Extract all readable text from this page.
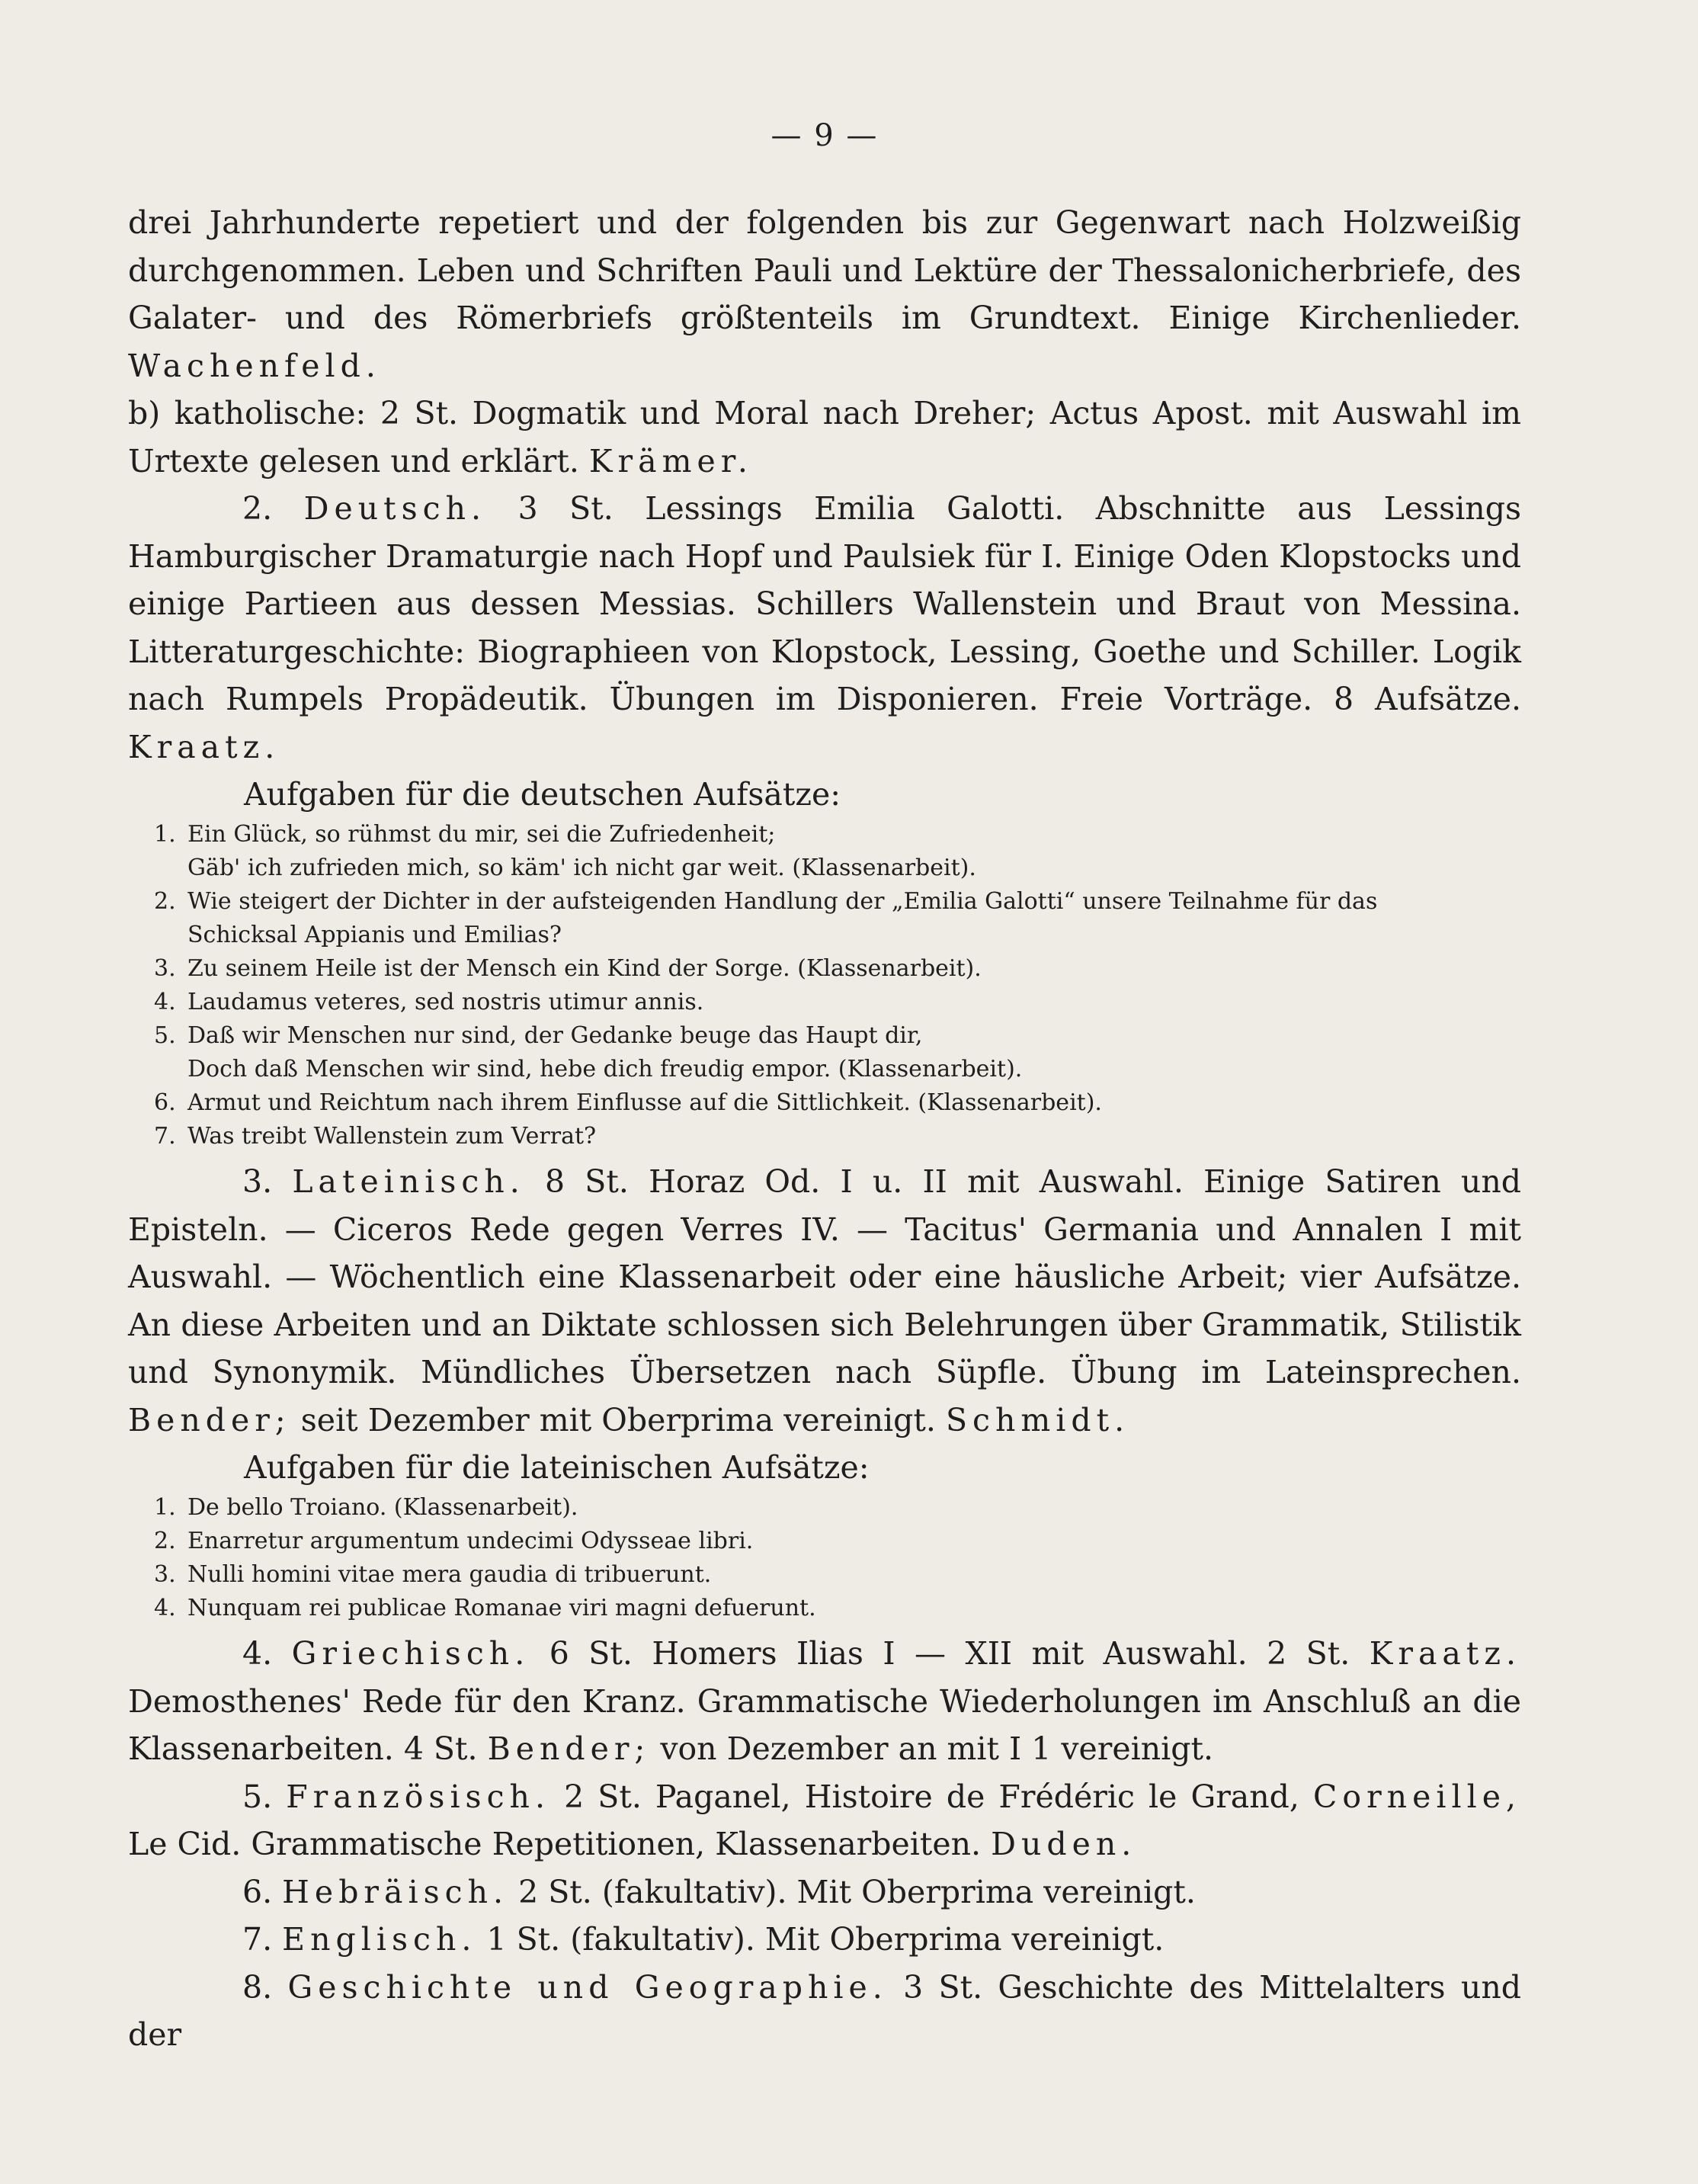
— 9 —

drei Jahrhunderte repetiert und der folgenden bis zur Gegenwart nach Holzweißig durchgenommen. Leben und Schriften Pauli und Lektüre der Thessalonicherbriefe, des Galater- und des Römerbriefs größtenteils im Grundtext. Einige Kirchenlieder. Wachenfeld.

b) katholische: 2 St. Dogmatik und Moral nach Dreher; Actus Apost. mit Auswahl im Urtexte gelesen und erklärt. Krämer.

2. Deutsch. 3 St. Lessings Emilia Galotti. Abschnitte aus Lessings Hamburgischer Dramaturgie nach Hopf und Paulsiek für I. Einige Oden Klopstocks und einige Partieen aus dessen Messias. Schillers Wallenstein und Braut von Messina. Litteraturgeschichte: Biographieen von Klopstock, Lessing, Goethe und Schiller. Logik nach Rumpels Propädeutik. Übungen im Disponieren. Freie Vorträge. 8 Aufsätze. Kraatz.

Aufgaben für die deutschen Aufsätze:

1. Ein Glück, so rühmst du mir, sei die Zufriedenheit;
Gäb' ich zufrieden mich, so käm' ich nicht gar weit. (Klassenarbeit).
2. Wie steigert der Dichter in der aufsteigenden Handlung der „Emilia Galotti“ unsere Teilnahme für das
Schicksal Appianis und Emilias?
3. Zu seinem Heile ist der Mensch ein Kind der Sorge. (Klassenarbeit).
4. Laudamus veteres, sed nostris utimur annis.
5. Daß wir Menschen nur sind, der Gedanke beuge das Haupt dir,
Doch daß Menschen wir sind, hebe dich freudig empor. (Klassenarbeit).
6. Armut und Reichtum nach ihrem Einflusse auf die Sittlichkeit. (Klassenarbeit).
7. Was treibt Wallenstein zum Verrat?

3. Lateinisch. 8 St. Horaz Od. I u. II mit Auswahl. Einige Satiren und Episteln. — Ciceros Rede gegen Verres IV. — Tacitus' Germania und Annalen I mit Auswahl. — Wöchentlich eine Klassenarbeit oder eine häusliche Arbeit; vier Aufsätze. An diese Arbeiten und an Diktate schlossen sich Belehrungen über Grammatik, Stilistik und Synonymik. Mündliches Übersetzen nach Süpfle. Übung im Lateinsprechen. Bender; seit Dezember mit Oberprima vereinigt. Schmidt.

Aufgaben für die lateinischen Aufsätze:

1. De bello Troiano. (Klassenarbeit).
2. Enarretur argumentum undecimi Odysseae libri.
3. Nulli homini vitae mera gaudia di tribuerunt.
4. Nunquam rei publicae Romanae viri magni defuerunt.

4. Griechisch. 6 St. Homers Ilias I — XII mit Auswahl. 2 St. Kraatz. Demosthenes' Rede für den Kranz. Grammatische Wiederholungen im Anschluß an die Klassenarbeiten. 4 St. Bender; von Dezember an mit I 1 vereinigt.

5. Französisch. 2 St. Paganel, Histoire de Frédéric le Grand, Corneille, Le Cid. Grammatische Repetitionen, Klassenarbeiten. Duden.

6. Hebräisch. 2 St. (fakultativ). Mit Oberprima vereinigt.

7. Englisch. 1 St. (fakultativ). Mit Oberprima vereinigt.

8. Geschichte und Geographie. 3 St. Geschichte des Mittelalters und der
